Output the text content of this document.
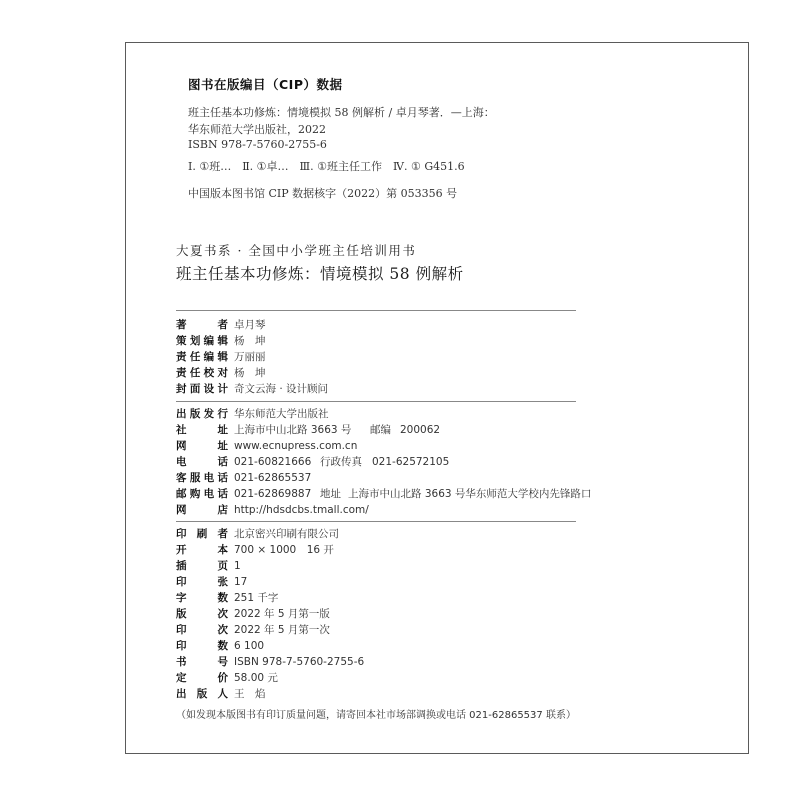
图书在版编目（CIP）数据
班主任基本功修炼：情境模拟 58 例解析 / 卓月琴著．—上海：
华东师范大学出版社，2022
ISBN 978-7-5760-2755-6
Ⅰ. ①班…　Ⅱ. ①卓…　Ⅲ. ①班主任工作　Ⅳ. ① G451.6
中国版本图书馆 CIP 数据核字（2022）第 053356 号
大夏书系 · 全国中小学班主任培训用书
班主任基本功修炼：情境模拟 58 例解析
著　　者 卓月琴
策划编辑 杨　坤
责任编辑 万丽丽
责任校对 杨　坤
封面设计 奇文云海 · 设计顾问
出版发行 华东师范大学出版社
社　　址 上海市中山北路 3663 号 邮编 200062
网　　址 www.ecnupress.com.cn
电　　话 021-60821666 行政传真 021-62572105
客服电话 021-62865537
邮购电话 021-62869887 地址 上海市中山北路 3663 号华东师范大学校内先锋路口
网　　店 http://hdsdcbs.tmall.com/
印 刷 者 北京密兴印刷有限公司
开　　本 700 × 1000　16 开
插　　页 1
印　　张 17
字　　数 251 千字
版　　次 2022 年 5 月第一版
印　　次 2022 年 5 月第一次
印　　数 6 100
书　　号 ISBN 978-7-5760-2755-6
定　　价 58.00 元
出 版 人 王　焰
（如发现本版图书有印订质量问题，请寄回本社市场部调换或电话 021-62865537 联系）
